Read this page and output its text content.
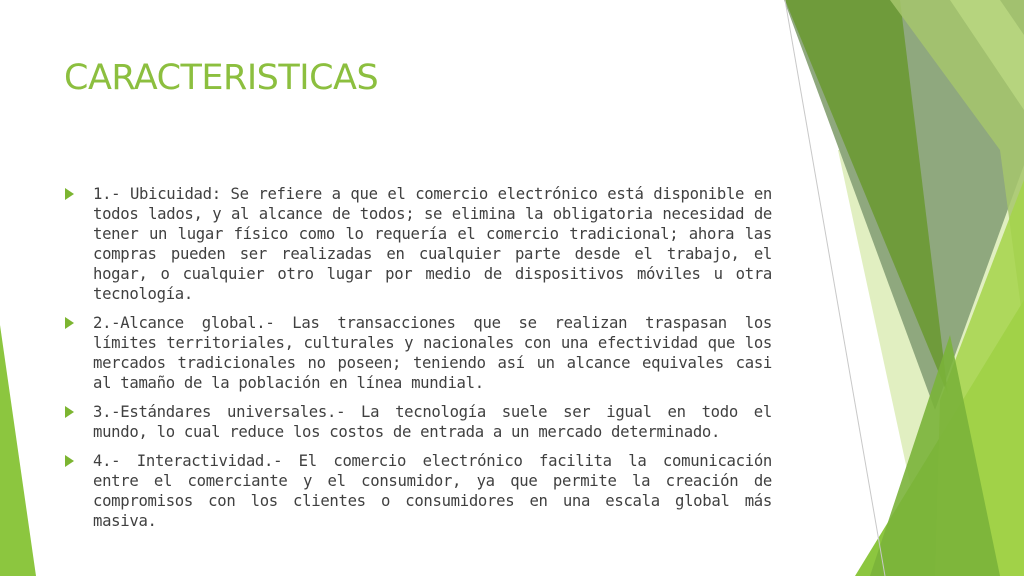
CARACTERISTICAS
1.- Ubicuidad: Se refiere a que el comercio electrónico está disponible en todos lados, y al alcance de todos; se elimina la obligatoria necesidad de tener un lugar físico como lo requería el comercio tradicional; ahora las compras pueden ser realizadas en cualquier parte desde el trabajo, el hogar, o cualquier otro lugar por medio de dispositivos móviles u otra tecnología.
2.-Alcance global.- Las transacciones que se realizan traspasan los límites territoriales, culturales y nacionales con una efectividad que los mercados tradicionales no poseen; teniendo así un alcance equivales casi al tamaño de la población en línea mundial.
3.-Estándares universales.- La tecnología suele ser igual en todo el mundo, lo cual reduce los costos de entrada a un mercado determinado.
4.- Interactividad.- El comercio electrónico facilita la comunicación entre el comerciante y el consumidor, ya que permite la creación de compromisos con los clientes o consumidores en una escala global más masiva.
